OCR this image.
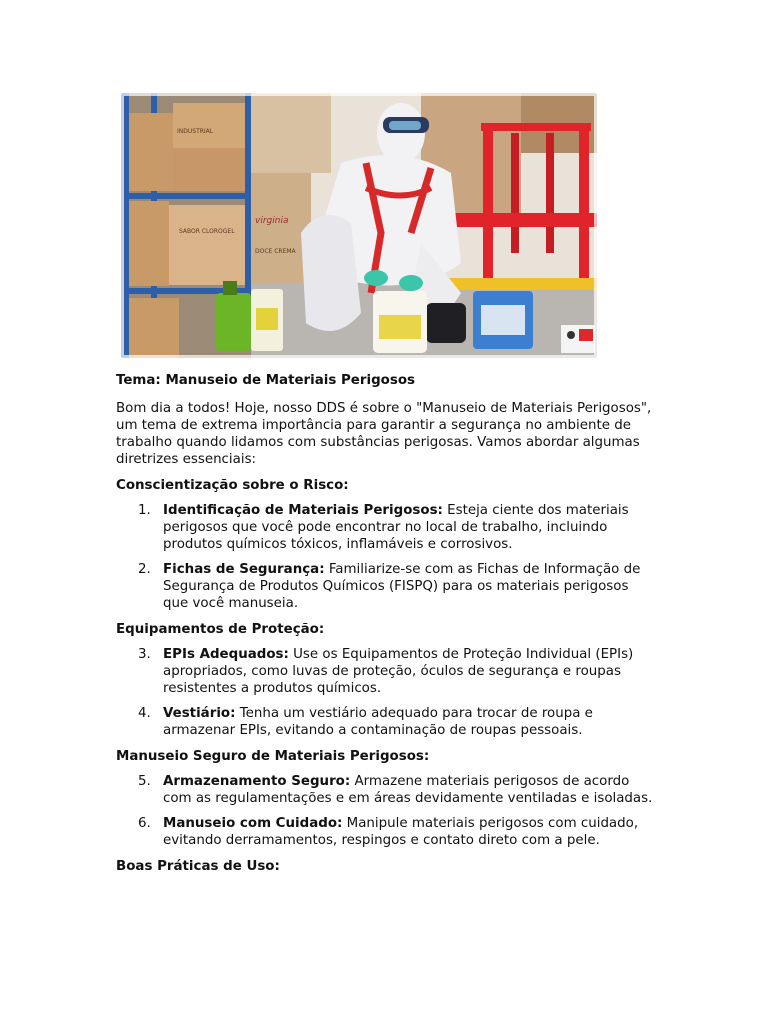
INDUSTRIAL
SABOR CLOROGEL
virginia
DOCE CREMA

Tema: Manuseio de Materiais Perigosos

Bom dia a todos! Hoje, nosso DDS é sobre o "Manuseio de Materiais Perigosos", um tema de extrema importância para garantir a segurança no ambiente de trabalho quando lidamos com substâncias perigosas. Vamos abordar algumas diretrizes essenciais:

Conscientização sobre o Risco:

1. Identificação de Materiais Perigosos: Esteja ciente dos materiais perigosos que você pode encontrar no local de trabalho, incluindo produtos químicos tóxicos, inflamáveis e corrosivos.
2. Fichas de Segurança: Familiarize-se com as Fichas de Informação de Segurança de Produtos Químicos (FISPQ) para os materiais perigosos que você manuseia.

Equipamentos de Proteção:

3. EPIs Adequados: Use os Equipamentos de Proteção Individual (EPIs) apropriados, como luvas de proteção, óculos de segurança e roupas resistentes a produtos químicos.
4. Vestiário: Tenha um vestiário adequado para trocar de roupa e armazenar EPIs, evitando a contaminação de roupas pessoais.

Manuseio Seguro de Materiais Perigosos:

5. Armazenamento Seguro: Armazene materiais perigosos de acordo com as regulamentações e em áreas devidamente ventiladas e isoladas.
6. Manuseio com Cuidado: Manipule materiais perigosos com cuidado, evitando derramamentos, respingos e contato direto com a pele.

Boas Práticas de Uso:
